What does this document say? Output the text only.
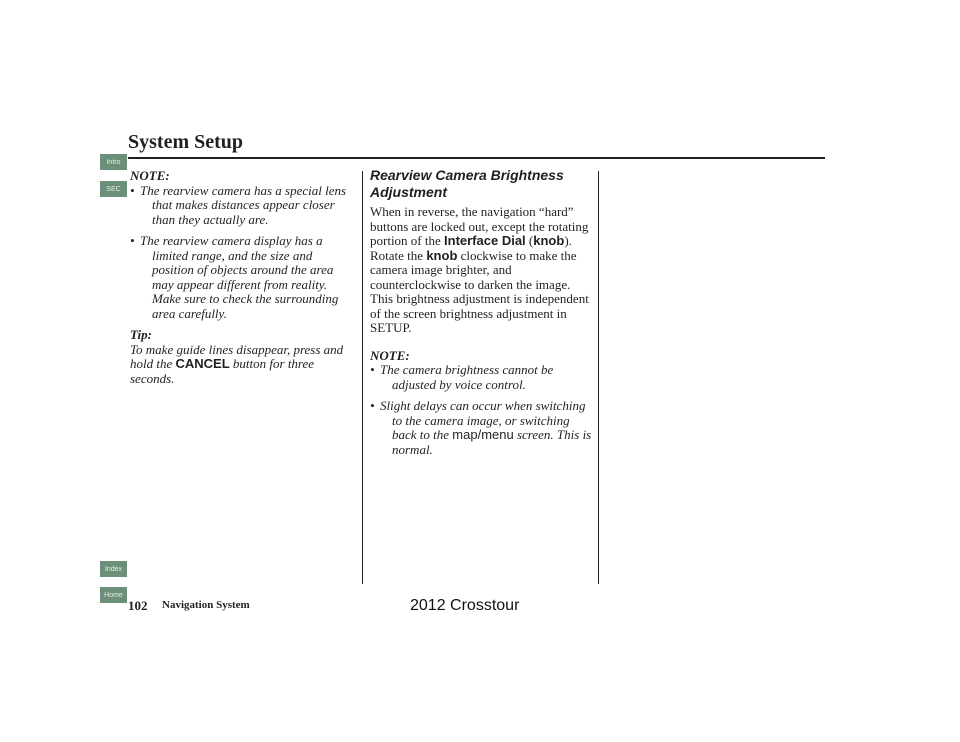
System Setup
Intro
SEC
Index
Home

NOTE:

• The rearview camera has a special lens that makes distances appear closer than they actually are.
• The rearview camera display has a limited range, and the size and position of objects around the area may appear different from reality. Make sure to check the surrounding area carefully.

Tip:

To make guide lines disappear, press and hold the CANCEL button for three seconds.

Rearview Camera Brightness Adjustment

When in reverse, the navigation “hard” buttons are locked out, except the rotating portion of the Interface Dial (knob). Rotate the knob clockwise to make the camera image brighter, and counterclockwise to darken the image. This brightness adjustment is independent of the screen brightness adjustment in SETUP.

NOTE:

• The camera brightness cannot be adjusted by voice control.
• Slight delays can occur when switching to the camera image, or switching back to the map/menu screen. This is normal.
102 Navigation System	2012 Crosstour
